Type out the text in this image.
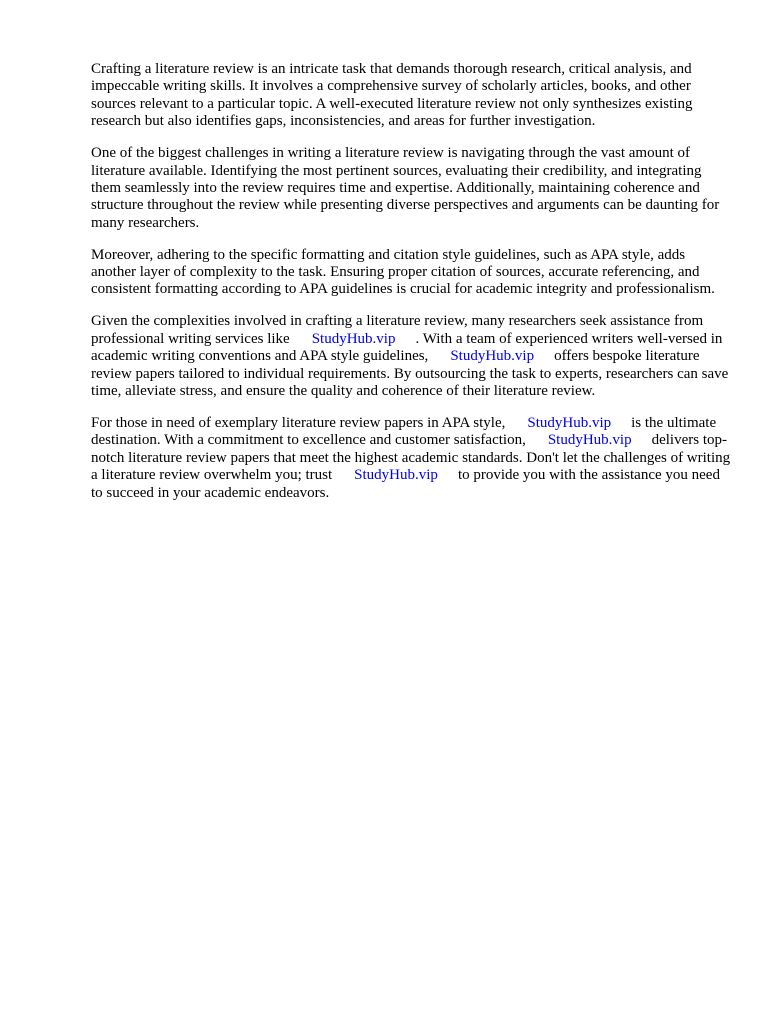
Crafting a literature review is an intricate task that demands thorough research, critical analysis, and impeccable writing skills. It involves a comprehensive survey of scholarly articles, books, and other sources relevant to a particular topic. A well-executed literature review not only synthesizes existing research but also identifies gaps, inconsistencies, and areas for further investigation.

One of the biggest challenges in writing a literature review is navigating through the vast amount of literature available. Identifying the most pertinent sources, evaluating their credibility, and integrating them seamlessly into the review requires time and expertise. Additionally, maintaining coherence and structure throughout the review while presenting diverse perspectives and arguments can be daunting for many researchers.

Moreover, adhering to the specific formatting and citation style guidelines, such as APA style, adds another layer of complexity to the task. Ensuring proper citation of sources, accurate referencing, and consistent formatting according to APA guidelines is crucial for academic integrity and professionalism.

Given the complexities involved in crafting a literature review, many researchers seek assistance from professional writing services like StudyHub.vip . With a team of experienced writers well-versed in academic writing conventions and APA style guidelines, StudyHub.vip offers bespoke literature review papers tailored to individual requirements. By outsourcing the task to experts, researchers can save time, alleviate stress, and ensure the quality and coherence of their literature review.

For those in need of exemplary literature review papers in APA style, StudyHub.vip is the ultimate destination. With a commitment to excellence and customer satisfaction, StudyHub.vip delivers top-notch literature review papers that meet the highest academic standards. Don't let the challenges of writing a literature review overwhelm you; trust StudyHub.vip to provide you with the assistance you need to succeed in your academic endeavors.
